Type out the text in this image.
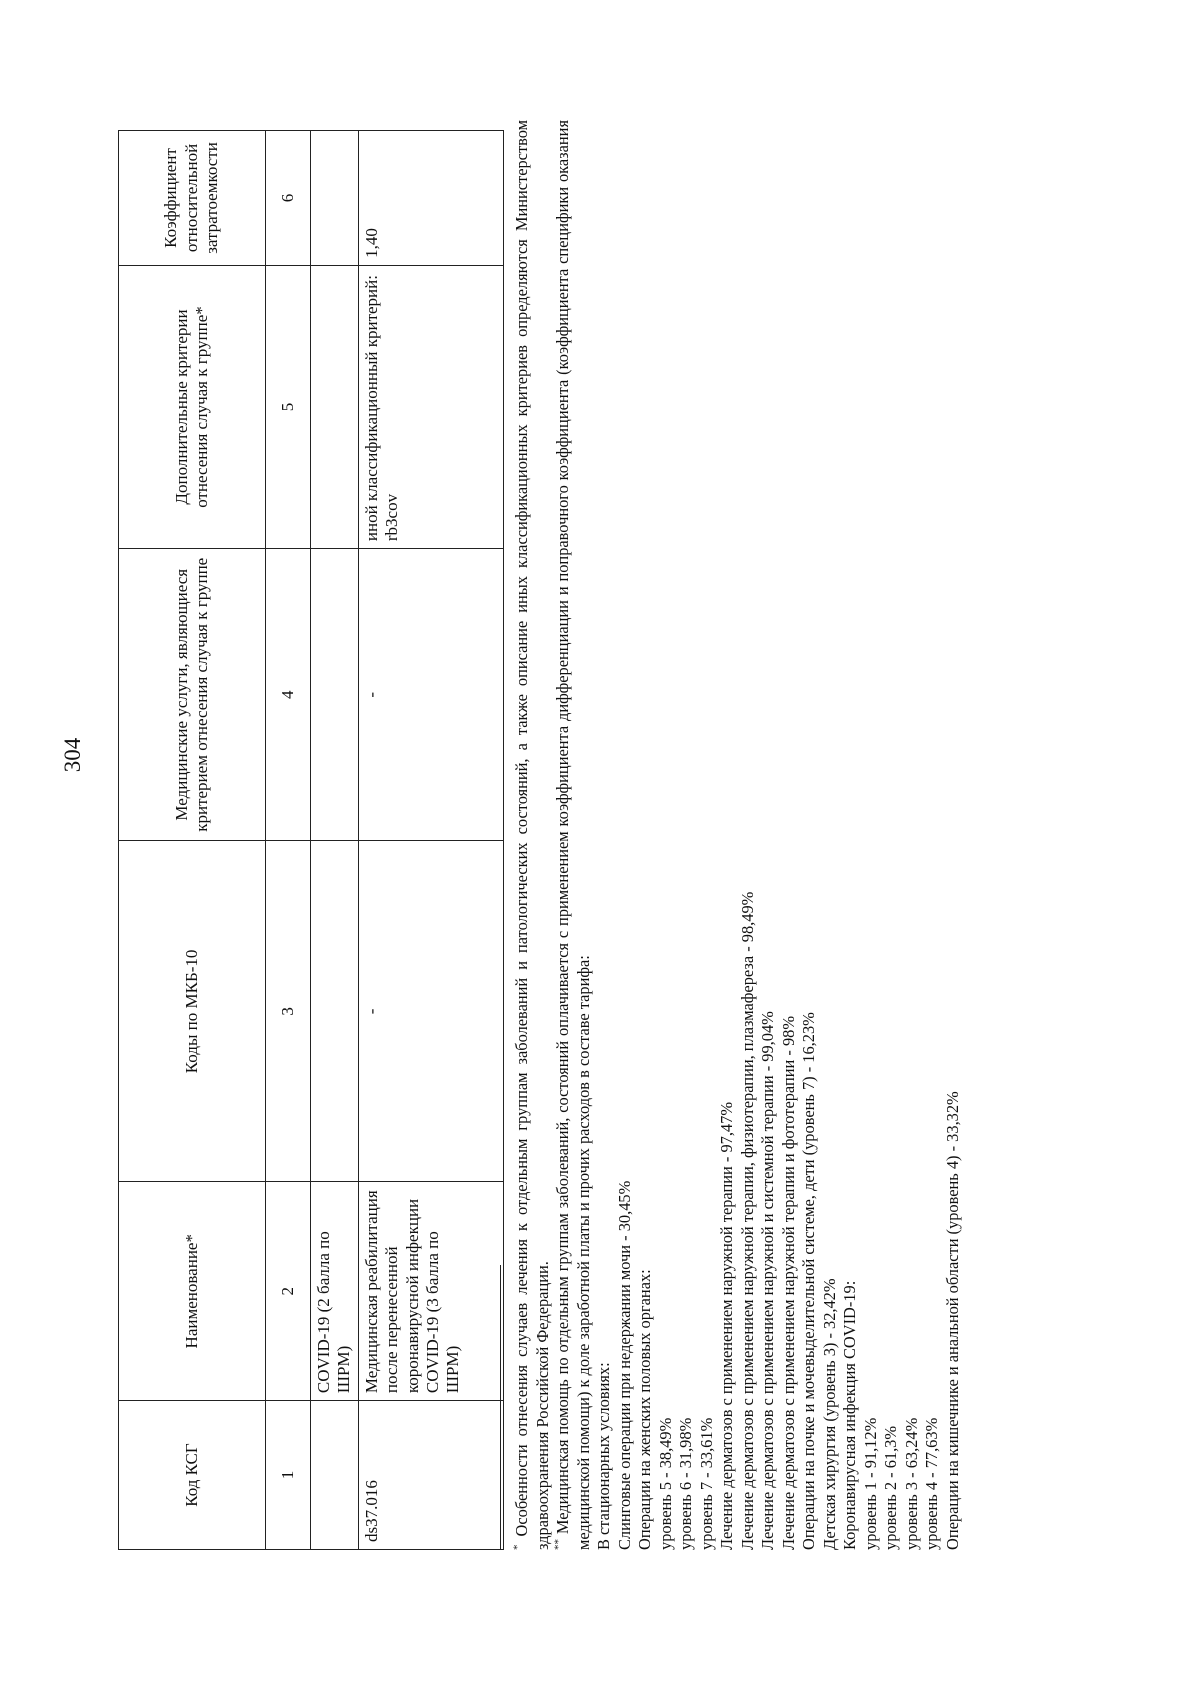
304
Код КСГ	Наименование*	Коды по МКБ-10	Медицинские услуги, являющиеся критерием отнесения случая к группе	Дополнительные критерии отнесения случая к группе*	Коэффициент относительной затратоемкости
1	2	3	4	5	6
	COVID-19 (2 балла по ШРМ)				
ds37.016	Медицинская реабилитация после перенесенной коронавирусной инфекции COVID-19 (3 балла по ШРМ)	-	-	иной классификационный критерий: rb3cov	1,40

* Особенности отнесения случаев лечения к отдельным группам заболеваний и патологических состояний, а также описание иных классификационных критериев определяются Министерством здравоохранения Российской Федерации. ** Медицинская помощь по отдельным группам заболеваний, состояний оплачивается с применением коэффициента дифференциации и поправочного коэффициента (коэффициента специфики оказания медицинской помощи) к доле заработной платы и прочих расходов в составе тарифа: В стационарных условиях: Слинговые операции при недержании мочи - 30,45% Операции на женских половых органах: уровень 5 - 38,49% уровень 6 - 31,98% уровень 7 - 33,61% Лечение дерматозов с применением наружной терапии - 97,47% Лечение дерматозов с применением наружной терапии, физиотерапии, плазмафереза - 98,49% Лечение дерматозов с применением наружной и системной терапии - 99,04% Лечение дерматозов с применением наружной терапии и фототерапии - 98% Операции на почке и мочевыделительной системе, дети (уровень 7) - 16,23% Детская хирургия (уровень 3) - 32,42% Коронавирусная инфекция COVID-19: уровень 1 - 91,12% уровень 2 - 61,3% уровень 3 - 63,24% уровень 4 - 77,63% Операции на кишечнике и анальной области (уровень 4) - 33,32%
